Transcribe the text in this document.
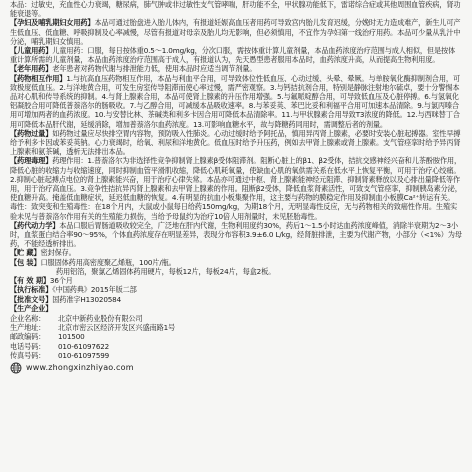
本品：过敏史，充血性心力衰竭，糖尿病，肺气肿或非过敏性支气管哮喘，肝功能不全，甲状腺功能低下，雷诺综合症或其他周围血管疾病，肾功能衰退等。

【孕妇及哺乳期妇女用药】本品可通过胎盘进入胎儿体内，有报道妊娠高血压者用药可导致宫内胎儿发育迟缓，分娩时无力造成难产，新生儿可产生低血压、低血糖、呼吸抑制及心率减慢，尽管有报道对母亲及胎儿均无影响，但必须慎用，不宜作为孕妇第一线治疗用药。本品可少量从乳汁中分泌，哺乳期妇女慎用。
【儿童用药】儿童用药：口服，每日按体重0.5～1.0mg/kg，分次口服，需按体重计算儿童剂量，本品血药浓度治疗范围与成人相似，但是按体重计算所需的儿童剂量，本品血药浓度治疗范围高于成人，有报道认为，先天愚型患者服用本品时，血药浓度升高，从而提高生物利用度。
【老年用药】老年患者对药物代谢与排泄能力低，使用本品时应适当调节剂量。
【药物相互作用】1.与抗高血压药物相互作用，本品与利血平合用，可导致体位性低血压、心动过缓、头晕、晕厥。与单胺氧化酶抑制剂合用，可致极度低血压。2.与洋地黄合用，可发生房室传导阻滞而使心率过慢，需严密观察。3.与钙拮抗剂合用，特别是静脉注射地尔硫卓，要十分警惕本品对心肌和传导系统的抑制。4.与肾上腺素合用，本品可使肾上腺素的升压作用增强。5.与氟哌啶醇合用，可导致低血压及心脏停搏。6.与氢氧化铝凝胶合用可降低普萘洛尔的肠吸收。7.与乙醇合用，可减缓本品吸收速率。8.与苯妥英、苯巴比妥和利福平合用可加速本品清除。9.与氯丙嗪合用可增加两者的血药浓度。10.与安替比林、茶碱类和利多卡因合用可降低本品清除率。11.与甲状腺素合用导致T3浓度的降低。12.与西咪替丁合用可降低本品肝代谢，延缓消除，增加普萘洛尔血药浓度。13.可影响血糖水平，故与降糖药同用时，需调整后者的剂量。
【药物过量】如药物过量应尽快排空胃内容物，预防吸入性肺炎。心动过缓时给予阿托品，慎用异丙肾上腺素，必要时安装心脏起搏器。室性早搏给予利多卡因或苯妥英钠。心力衰竭时，给氧、利尿和洋地黄化。低血压时给予升压药，例如去甲肾上腺素或肾上腺素。支气管痉挛时给予异丙肾上腺素和氨茶碱，透析无法排出本品。
【药理毒理】药理作用：1.普萘洛尔为非选择性竞争抑制肾上腺素β受体阻滞剂。阻断心脏上的β1、β2受体，拮抗交感神经兴奋和儿茶酚胺作用，降低心脏的收缩力与收缩速度，同时抑制血管平滑肌收缩，降低心肌耗氧量，使缺血心肌的氧供需关系在低水平上恢复平衡，可用于治疗心绞痛。2.抑制心脏起搏点电位的肾上腺素能兴奋，用于治疗心律失常。本品亦可通过中枢、肾上腺素能神经元阻滞、抑制肾素释放以及心排出量降低等作用，用于治疗高血压。3.竞争性拮抗异丙肾上腺素和去甲肾上腺素的作用。阻断β2受体，降低血浆肾素活性，可致支气管痉挛，抑制胰岛素分泌，使血糖升高。掩盖低血糖症状，延迟低血糖的恢复。4.有明显的抗血小板集聚作用，这主要与药物的膜稳定作用及抑制血小板膜Ca²⁺转运有关。
毒性：致突变和生殖毒性：在18个月内，大鼠或小鼠每日给药150mg/kg，为期18个月，无明显毒性反应，无与药物相关的致癌性作用。生殖实验未见与普萘洛尔作用有关的生殖能力损伤，当给予母鼠约为治疗10倍人用剂量时，未见胚胎毒性。
【药代动力学】本品口服后胃肠道吸收较完全，广泛地在肝内代谢，生物利用度约30%，药后1～1.5小时达血药浓度峰值，消除半衰期为2～3小时，血浆蛋白结合率90～95%，个体血药浓度存在明显差异，表现分布容积3.9±6.0 L/kg，经肾脏排泄，主要为代谢产物，小部分（<1%）为母药，不能经透析排出。
【贮 藏】密封保存。
【包 装】口服固体药用高密度聚乙烯瓶，100片/瓶。
药用铝箔，聚氯乙烯固体药用硬片，每板12片，每板24片，每盒2板。
【有 效 期】36个月
【执行标准】《中国药典》2015年版二部
【批准文号】国药准字H13020584
【生产企业】
企业名称：	北京中新药业股份有限公司
生产地址：	北京市密云区经济开发区兴盛南路1号
邮政编码：	101500
电话号码：	010-61097622
传真号码：	010-61097599
www.zhongxinzhiyao.com
